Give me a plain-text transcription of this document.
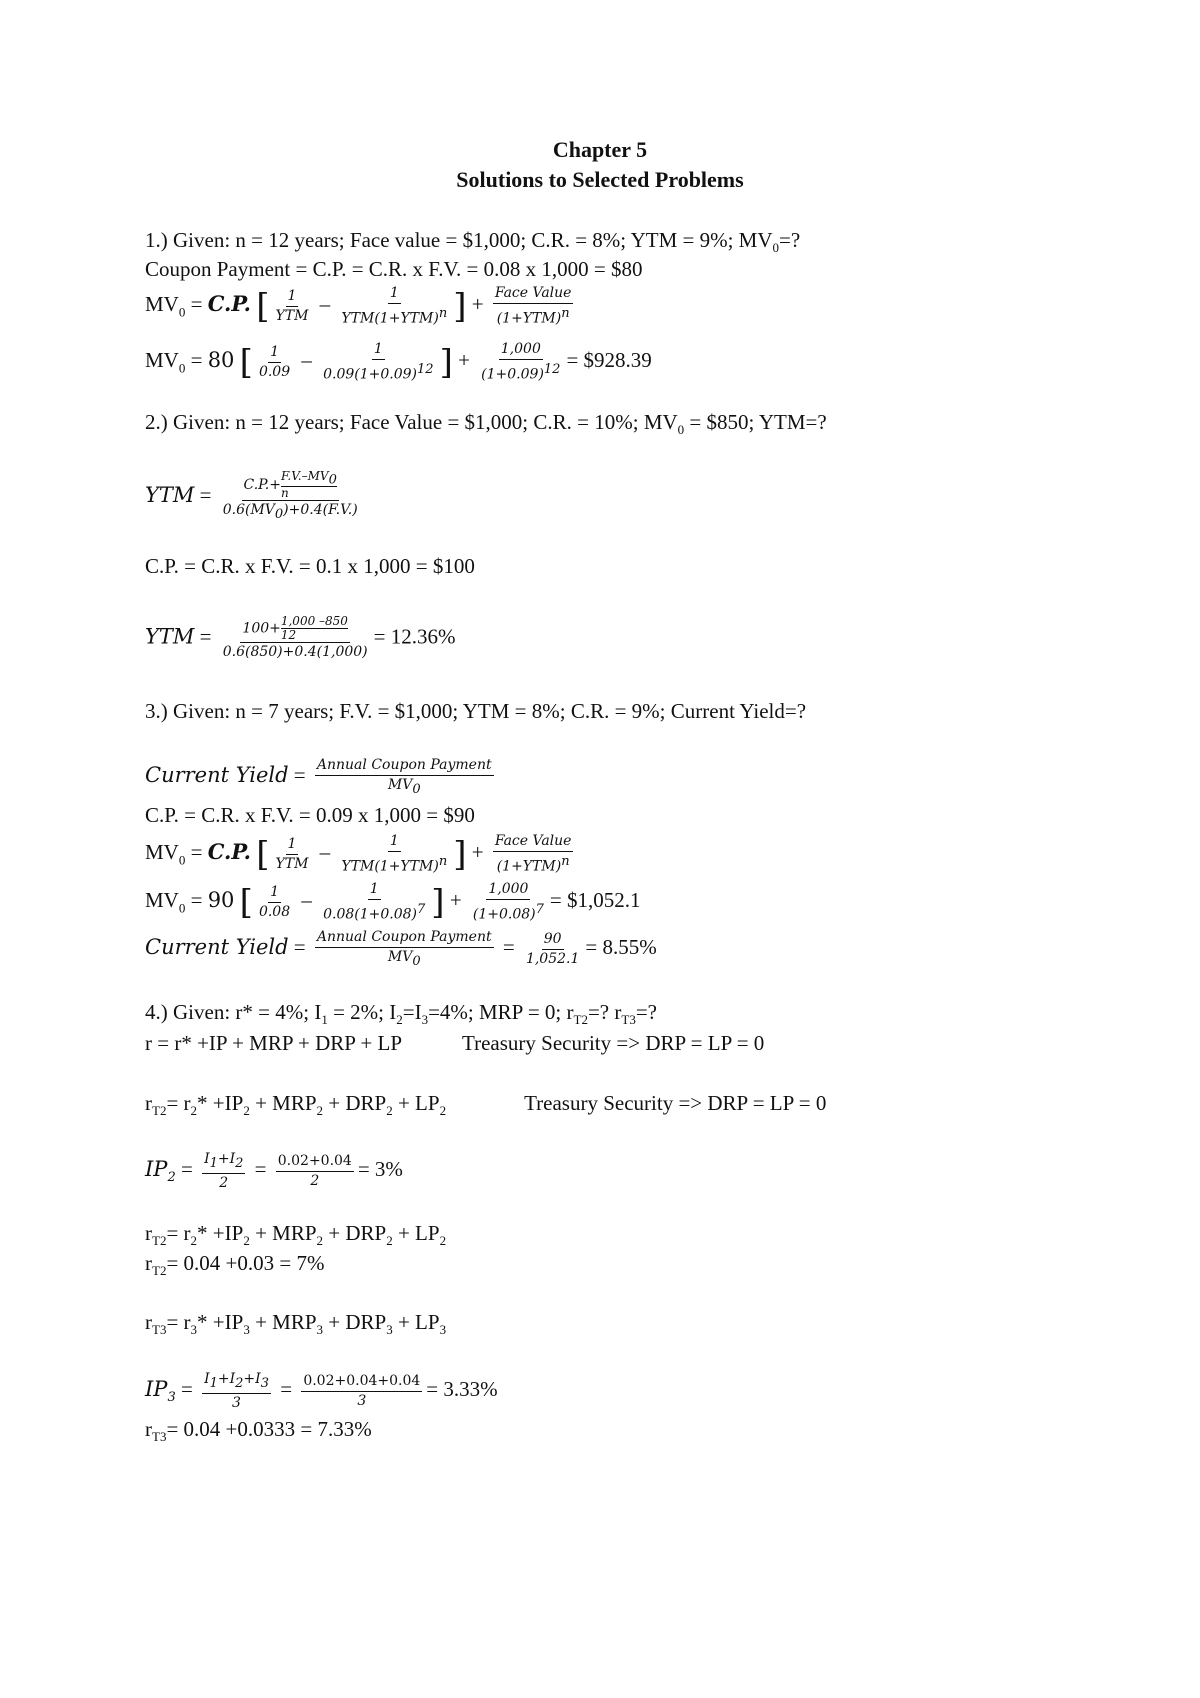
Chapter 5
Solutions to Selected Problems
1.) Given: n = 12 years; Face value = $1,000; C.R. = 8%; YTM = 9%; $MV_0=$?
Coupon Payment = C.P. = C.R. x F.V. = 0.08 x 1,000 = $80
$MV_0 = C.P$. [ $\frac{1}{\text{YTM}} - \frac{1}{YTM(1+YTM)^n}$ ] + $\frac{\text{Face Value}}{(1+YTM)^n}$
$MV_0 = 80$ [ $\frac{1}{0.09} - \frac{1}{0.09(1+0.09)^{12}}$ ] + $\frac{1,000}{(1+0.09)^{12}}$ = $928.39
2.) Given: n = 12 years; Face Value = $1,000; C.R. = 10%; $MV_0$ = $850; YTM=?
YTM = $\frac{C.P.+ \frac{F.V.-MV_0}{n}}{0.6(MV_0)+0.4(F.V.)}$
C.P. = C.R. x F.V. = 0.1 x 1,000 = $100
YTM = $\frac{100+ \frac{1,000 -850}{12}}{0.6(850)+0.4(1,000)} = 12.36\%$
3.) Given: n = 7 years; F.V. = $1,000; YTM = 8%; C.R. = 9%; Current Yield=?
Current Yield = $\frac{\text{Annual Coupon Payment}}{MV_0}$
C.P. = C.R. x F.V. = 0.09 x 1,000 = $90
$MV_0 = C.P$. [ $\frac{1}{\text{YTM}} - \frac{1}{YTM(1+YTM)^n}$ ] + $\frac{\text{Face Value}}{(1+YTM)^n}$
$MV_0 = 90$ [ $\frac{1}{0.08} - \frac{1}{0.08(1+0.08)^7}$ ] + $\frac{1,000}{(1+0.08)^7}$ = $1,052.1
Current Yield = $\frac{\text{Annual Coupon Payment}}{MV_0} = \frac{90}{1,052.1} = 8.55\%$
4.) Given: r* = 4%; $I_1 = 2\%$; $I_2=I_3=4\%$; MRP = 0; $r_{T2}=$? $r_{T3}=$?
r = r* +IP + MRP + DRP + LP	Treasury Security => DRP = LP = 0
$r_{T2}= r_2* +IP_2 + MRP_2 + DRP_2 + LP_2$	Treasury Security => DRP = LP = 0
$IP_2 = \frac{I_1+I_2}{2} = \frac{0.02+0.04}{2} = 3\%$
$r_{T2}= r_2* +IP_2 + MRP_2 + DRP_2 + LP_2$
$r_{T2}= 0.04 +0.03 = 7\%$
$r_{T3}= r_3* +IP_3 + MRP_3 + DRP_3 + LP_3$
$IP_3 = \frac{I_1+I_2+I_3}{3} = \frac{0.02+0.04+0.04}{3} = 3.33\%$
$r_{T3}= 0.04 +0.0333 = 7.33\%$
